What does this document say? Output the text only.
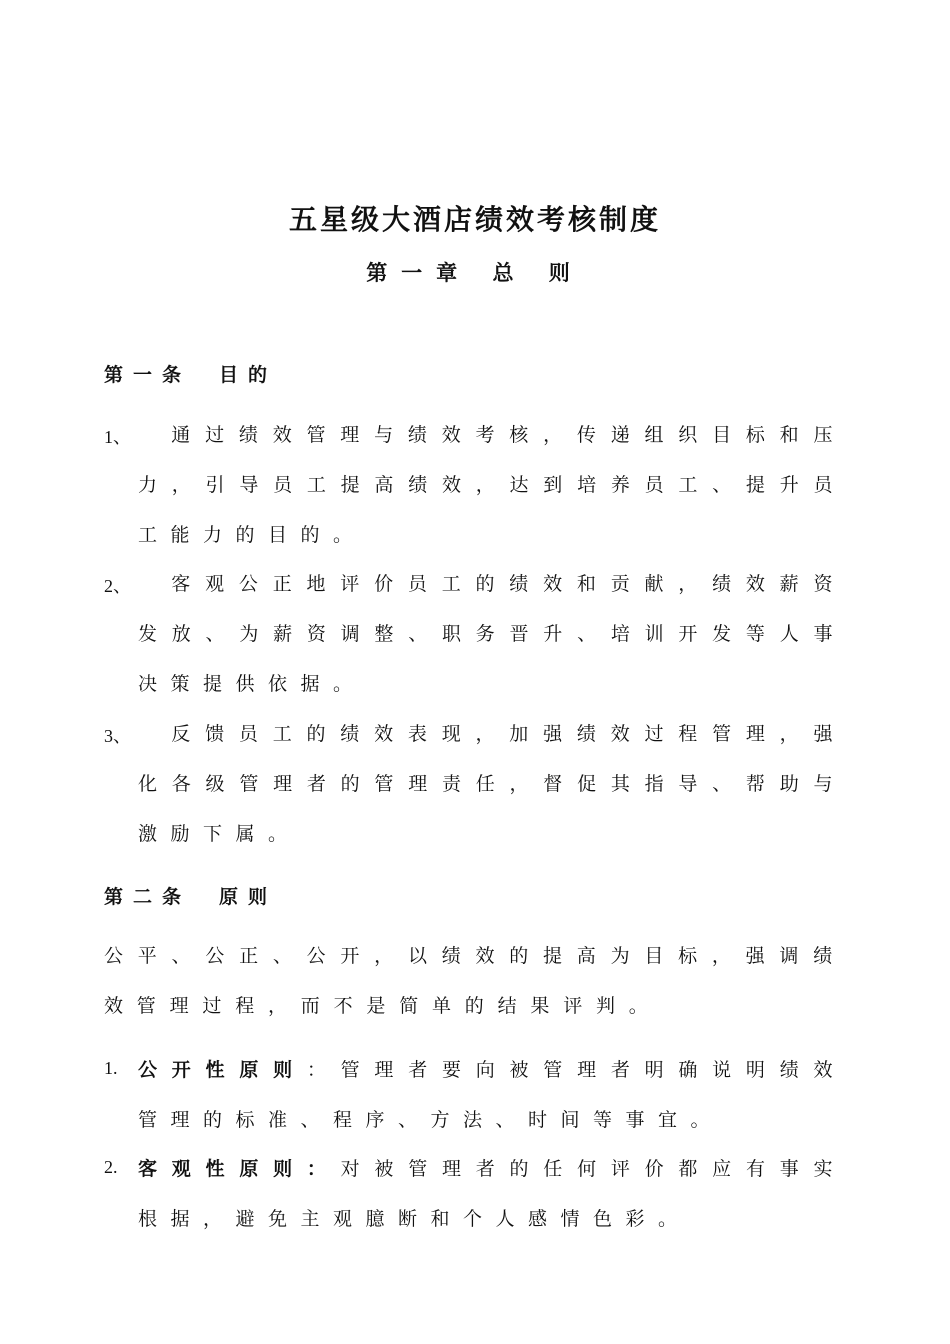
五星级大酒店绩效考核制度
第一章 总 则
第一条 目的
1、	通过绩效管理与绩效考核，传递组织目标和压力，引导员工提高绩效，达到培养员工、提升员工能力的目的。
2、	客观公正地评价员工的绩效和贡献，绩效薪资发放、为薪资调整、职务晋升、培训开发等人事决策提供依据。
3、	反馈员工的绩效表现，加强绩效过程管理，强化各级管理者的管理责任，督促其指导、帮助与激励下属。
第二条 原则

公平、公正、公开，以绩效的提高为目标，强调绩效管理过程，而不是简单的结果评判。

1. 公开性原则：管理者要向被管理者明确说明绩效管理的标准、程序、方法、时间等事宜。
2. 客观性原则：对被管理者的任何评价都应有事实根据，避免主观臆断和个人感情色彩。
